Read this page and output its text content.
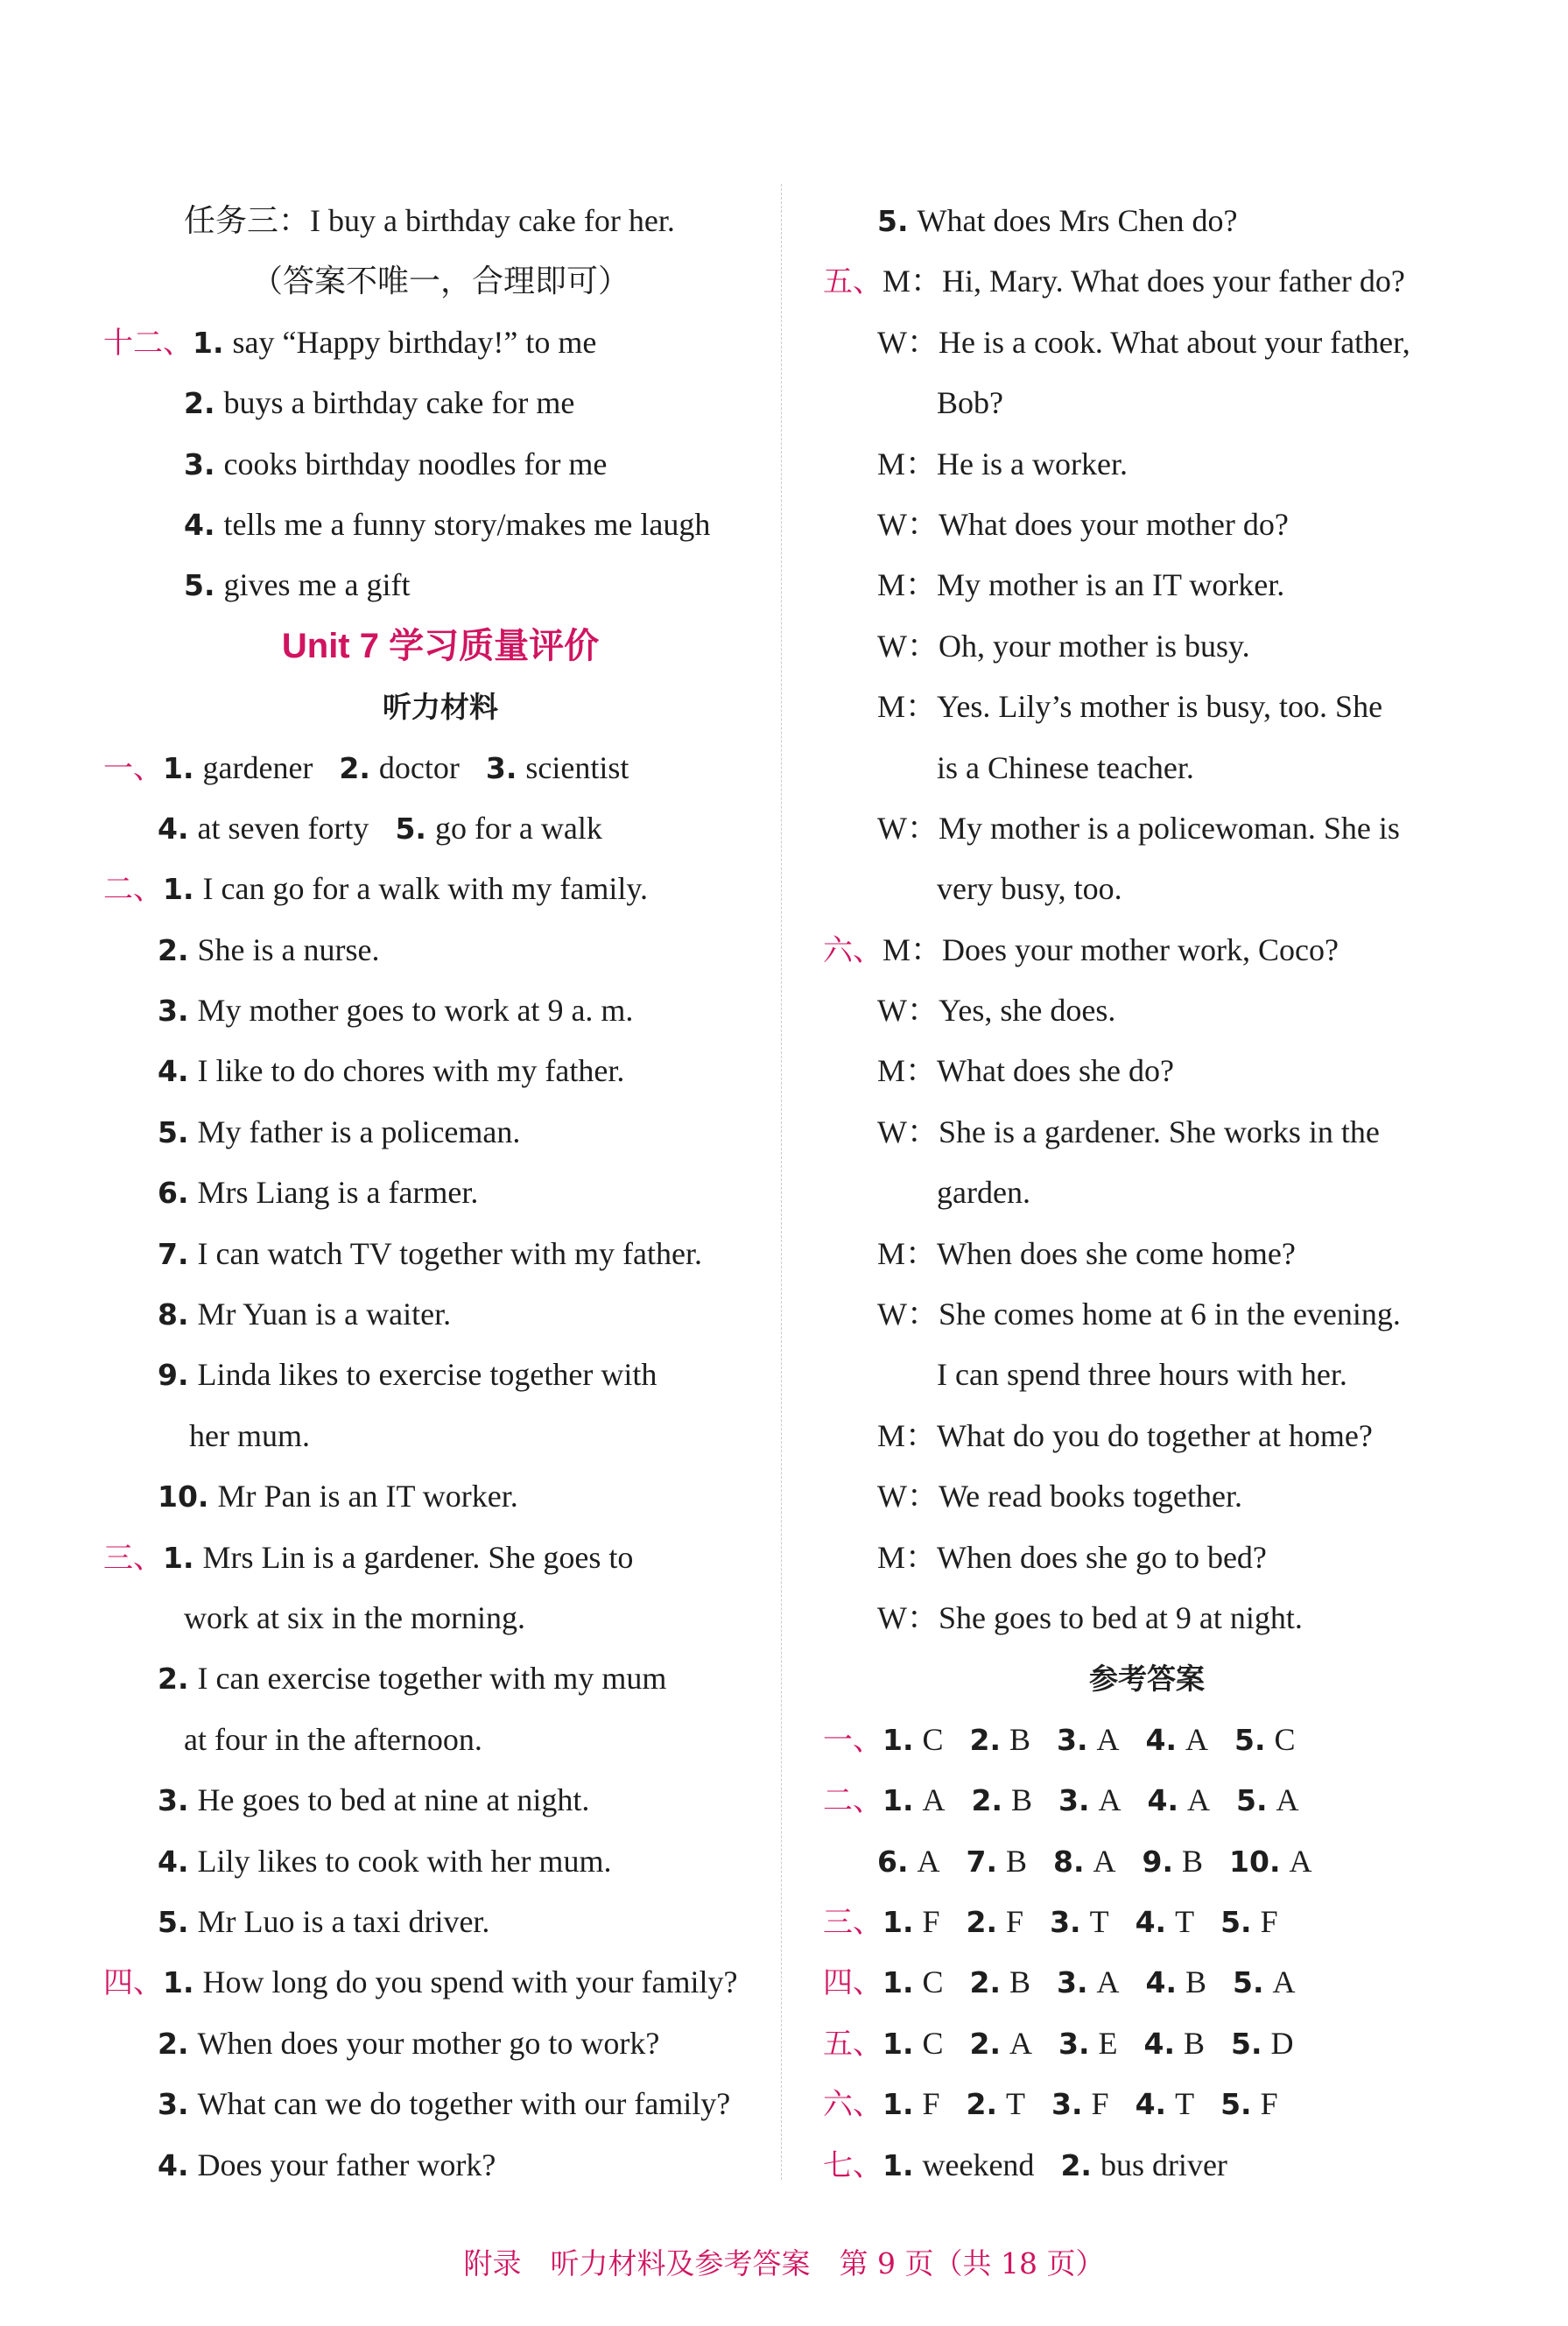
任务三：I buy a birthday cake for her.
（答案不唯一，合理即可）
十二、1. say “Happy birthday!” to me
2. buys a birthday cake for me
3. cooks birthday noodles for me
4. tells me a funny story/makes me laugh
5. gives me a gift
Unit 7 学习质量评价
听力材料
一、1. gardener 2. doctor 3. scientist
4. at seven forty 5. go for a walk
二、1. I can go for a walk with my family.
2. She is a nurse.
3. My mother goes to work at 9 a. m.
4. I like to do chores with my father.
5. My father is a policeman.
6. Mrs Liang is a farmer.
7. I can watch TV together with my father.
8. Mr Yuan is a waiter.
9. Linda likes to exercise together with
her mum.
10. Mr Pan is an IT worker.
三、1. Mrs Lin is a gardener. She goes to
work at six in the morning.
2. I can exercise together with my mum
at four in the afternoon.
3. He goes to bed at nine at night.
4. Lily likes to cook with her mum.
5. Mr Luo is a taxi driver.
四、1. How long do you spend with your family?
2. When does your mother go to work?
3. What can we do together with our family?
4. Does your father work?
5. What does Mrs Chen do?
五、M：Hi, Mary. What does your father do?
W：He is a cook. What about your father,
Bob?
M：He is a worker.
W：What does your mother do?
M：My mother is an IT worker.
W：Oh, your mother is busy.
M：Yes. Lily’s mother is busy, too. She
is a Chinese teacher.
W：My mother is a policewoman. She is
very busy, too.
六、M：Does your mother work, Coco?
W：Yes, she does.
M：What does she do?
W：She is a gardener. She works in the
garden.
M：When does she come home?
W：She comes home at 6 in the evening.
I can spend three hours with her.
M：What do you do together at home?
W：We read books together.
M：When does she go to bed?
W：She goes to bed at 9 at night.
参考答案
一、1. C 2. B 3. A 4. A 5. C
二、1. A 2. B 3. A 4. A 5. A
6. A 7. B 8. A 9. B 10. A
三、1. F 2. F 3. T 4. T 5. F
四、1. C 2. B 3. A 4. B 5. A
五、1. C 2. A 3. E 4. B 5. D
六、1. F 2. T 3. F 4. T 5. F
七、1. weekend 2. bus driver
附录　听力材料及参考答案　第 9 页（共 18 页）
